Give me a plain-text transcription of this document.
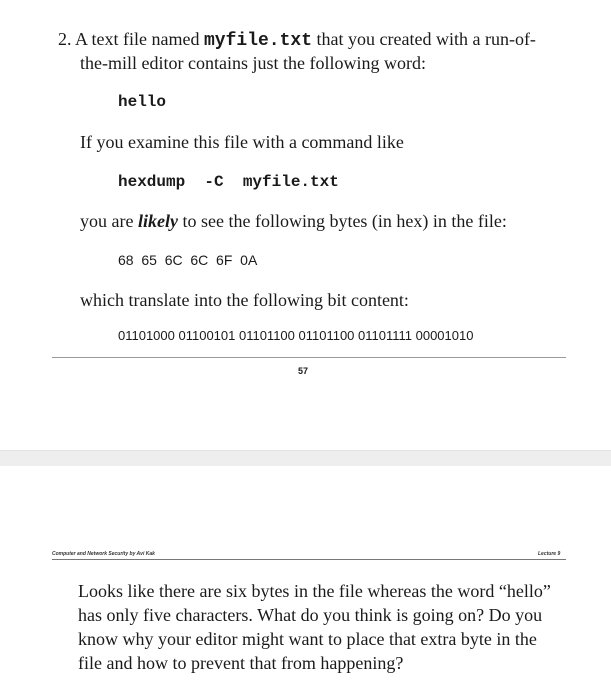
2. A text file named myfile.txt that you created with a run-of-
the-mill editor contains just the following word:
hello
If you examine this file with a command like
hexdump  -C  myfile.txt
you are likely to see the following bytes (in hex) in the file:
68  65  6C  6C  6F  0A
which translate into the following bit content:
01101000 01100101 01101100 01101100 01101111 00001010
57
Computer and Network Security by Avi Kak	Lecture 9
Looks like there are six bytes in the file whereas the word “hello”
has only five characters. What do you think is going on? Do you
know why your editor might want to place that extra byte in the
file and how to prevent that from happening?
